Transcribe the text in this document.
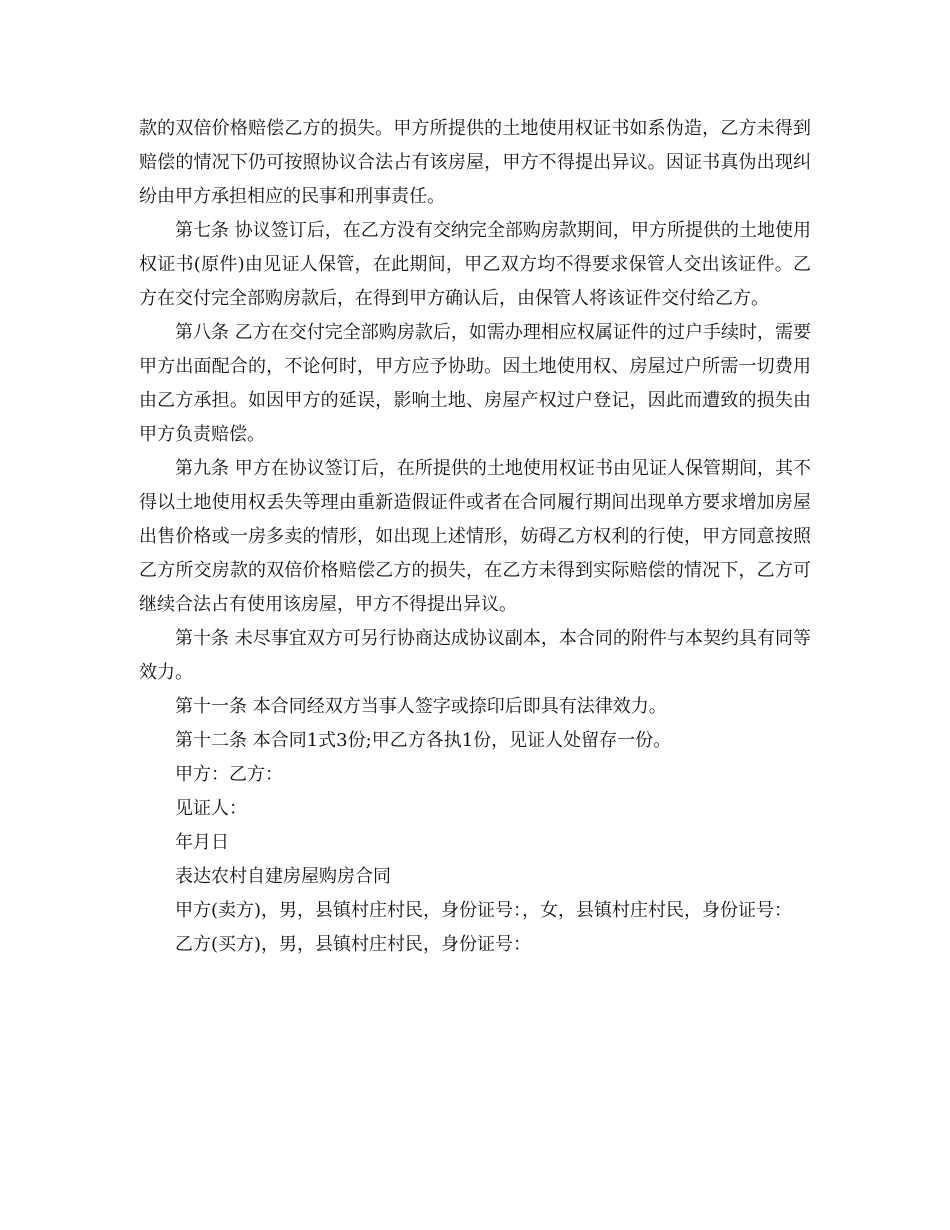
款的双倍价格赔偿乙方的损失。甲方所提供的土地使用权证书如系伪造，乙方未得到赔偿的情况下仍可按照协议合法占有该房屋，甲方不得提出异议。因证书真伪出现纠纷由甲方承担相应的民事和刑事责任。

第七条 协议签订后，在乙方没有交纳完全部购房款期间，甲方所提供的土地使用权证书(原件)由见证人保管，在此期间，甲乙双方均不得要求保管人交出该证件。乙方在交付完全部购房款后，在得到甲方确认后，由保管人将该证件交付给乙方。

第八条 乙方在交付完全部购房款后，如需办理相应权属证件的过户手续时，需要甲方出面配合的，不论何时，甲方应予协助。因土地使用权、房屋过户所需一切费用由乙方承担。如因甲方的延误，影响土地、房屋产权过户登记，因此而遭致的损失由甲方负责赔偿。

第九条 甲方在协议签订后，在所提供的土地使用权证书由见证人保管期间，其不得以土地使用权丢失等理由重新造假证件或者在合同履行期间出现单方要求增加房屋出售价格或一房多卖的情形，如出现上述情形，妨碍乙方权利的行使，甲方同意按照乙方所交房款的双倍价格赔偿乙方的损失，在乙方未得到实际赔偿的情况下，乙方可继续合法占有使用该房屋，甲方不得提出异议。

第十条 未尽事宜双方可另行协商达成协议副本，本合同的附件与本契约具有同等效力。

第十一条 本合同经双方当事人签字或捺印后即具有法律效力。

第十二条 本合同1式3份;甲乙方各执1份，见证人处留存一份。

甲方：乙方：

见证人：

年月日

表达农村自建房屋购房合同

甲方(卖方)，男，县镇村庄村民，身份证号：，女，县镇村庄村民，身份证号：

乙方(买方)，男，县镇村庄村民，身份证号：
